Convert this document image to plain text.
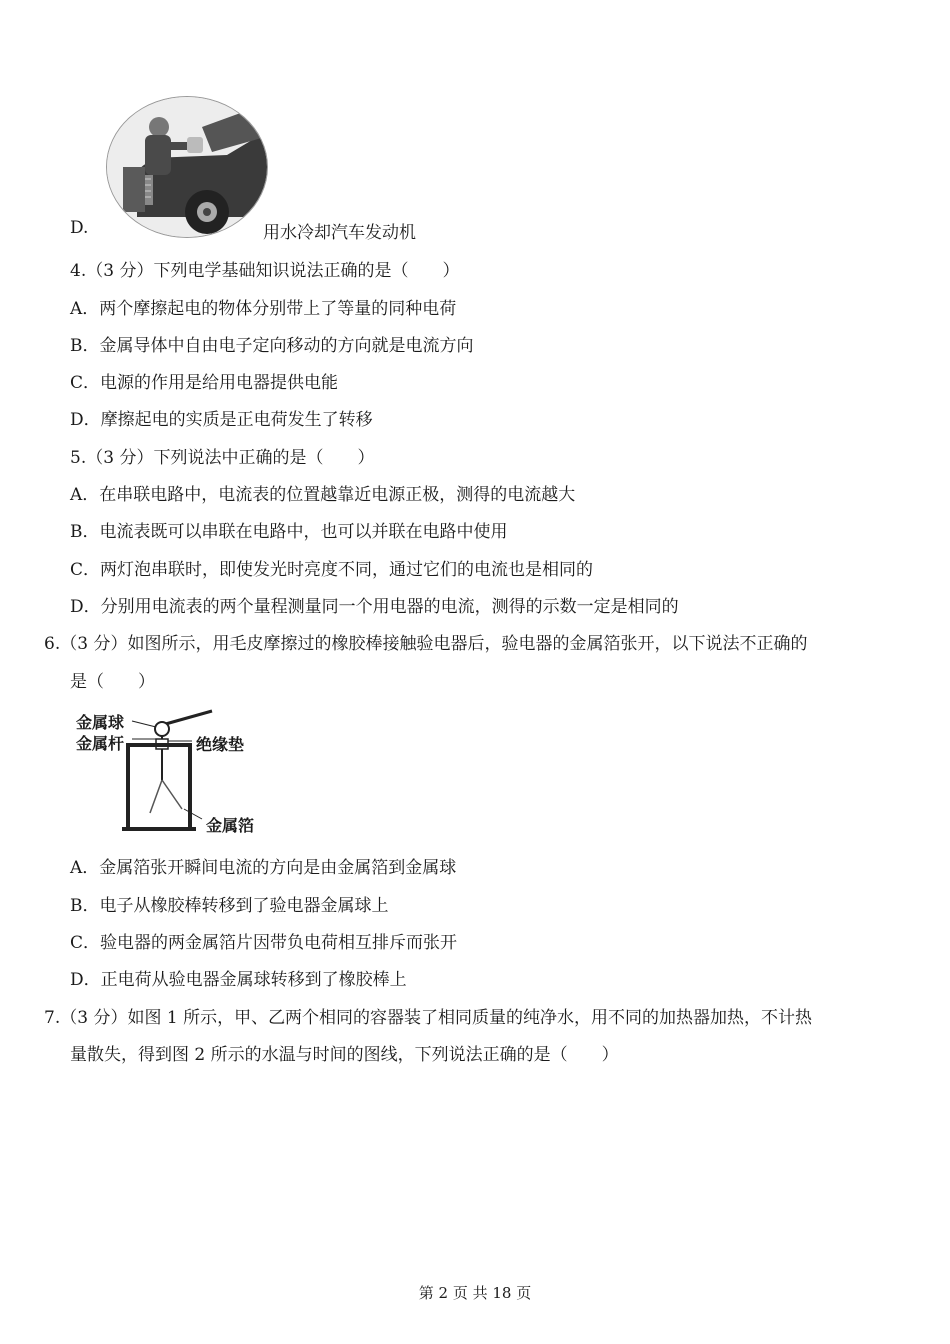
D.	用水冷却汽车发动机
4.（3 分）下列电学基础知识说法正确的是（　　）
A．两个摩擦起电的物体分别带上了等量的同种电荷
B．金属导体中自由电子定向移动的方向就是电流方向
C．电源的作用是给用电器提供电能
D．摩擦起电的实质是正电荷发生了转移
5.（3 分）下列说法中正确的是（　　）
A．在串联电路中，电流表的位置越靠近电源正极，测得的电流越大
B．电流表既可以串联在电路中，也可以并联在电路中使用
C．两灯泡串联时，即使发光时亮度不同，通过它们的电流也是相同的
D．分别用电流表的两个量程测量同一个用电器的电流，测得的示数一定是相同的
6.（3 分）如图所示，用毛皮摩擦过的橡胶棒接触验电器后，验电器的金属箔张开，以下说法不正确的
是（　　）
金属球
金属杆	绝缘垫
金属箔
A．金属箔张开瞬间电流的方向是由金属箔到金属球
B．电子从橡胶棒转移到了验电器金属球上
C．验电器的两金属箔片因带负电荷相互排斥而张开
D．正电荷从验电器金属球转移到了橡胶棒上
7.（3 分）如图 1 所示，甲、乙两个相同的容器装了相同质量的纯净水，用不同的加热器加热，不计热
量散失，得到图 2 所示的水温与时间的图线，下列说法正确的是（　　）
第 2 页 共 18 页
